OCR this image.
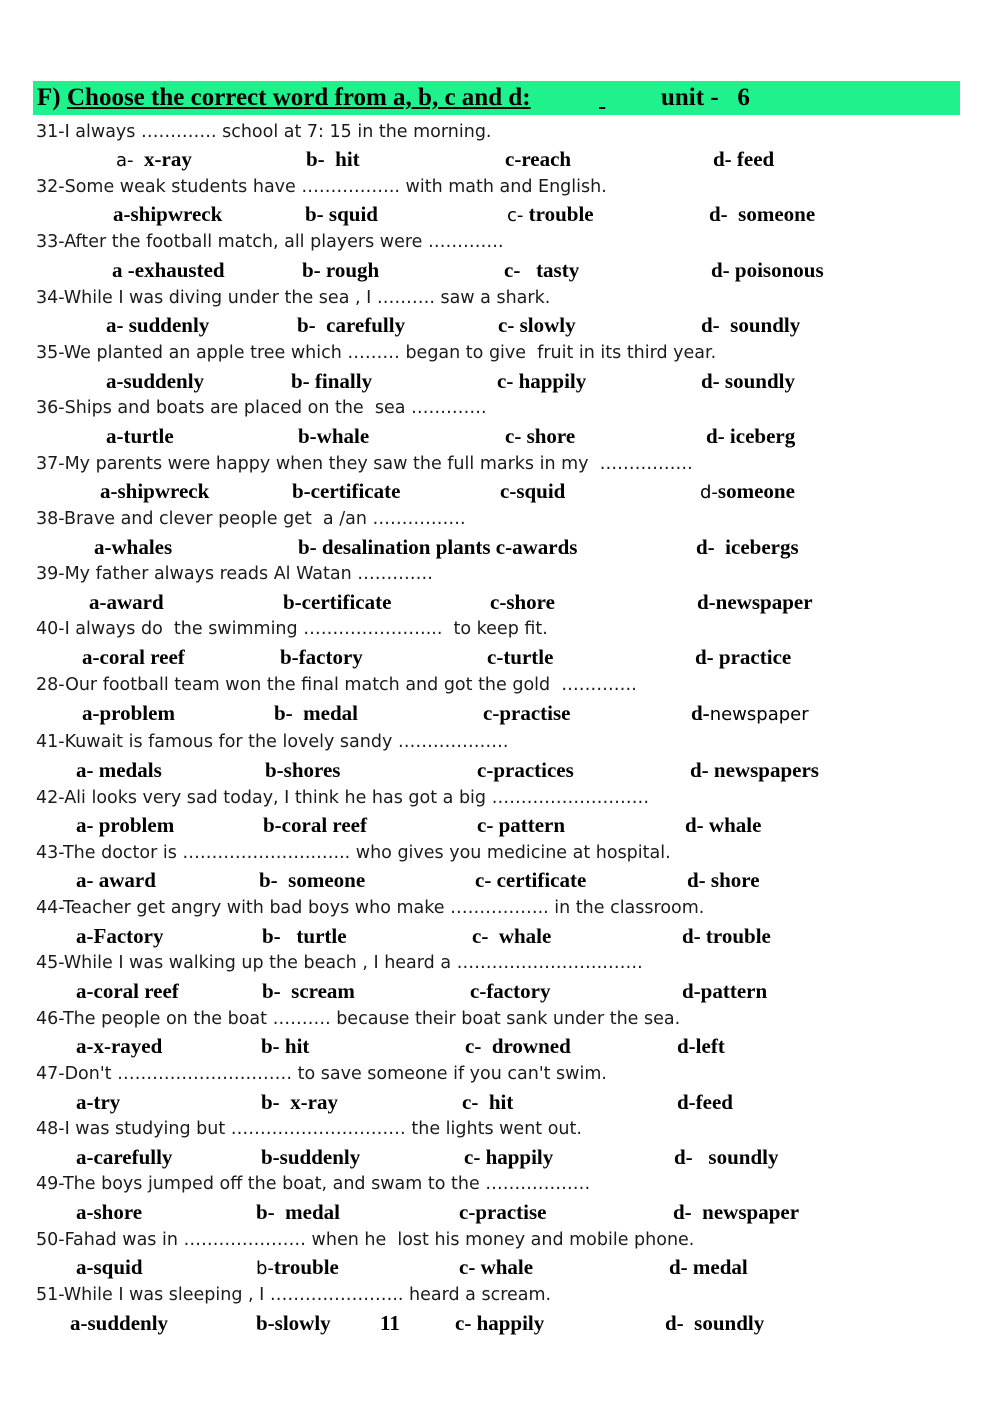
F) Choose the correct word from a, b, c and d:
	unit -   6
31-I always …………. school at 7: 15 in the morning.
a-  x-ray	b-  hit	c-reach	d- feed
32-Some weak students have …………….. with math and English.
a-shipwreck	b- squid	c- trouble	d-  someone
33-After the football match, all players were ………….
a -exhausted	b- rough	c-   tasty	d- poisonous
34-While I was diving under the sea , I ………. saw a shark.
a- suddenly	b-  carefully	c- slowly	d-  soundly
35-We planted an apple tree which ……… began to give  fruit in its third year.
a-suddenly	b- finally	c- happily	d- soundly
36-Ships and boats are placed on the  sea ………….
a-turtle	b-whale	c- shore	d- iceberg
37-My parents were happy when they saw the full marks in my  …………….
a-shipwreck	b-certificate	c-squid	d-someone
38-Brave and clever people get  a /an …………….
a-whales	b- desalination plants c-awards	d-  icebergs
39-My father always reads Al Watan ………….
a-award	b-certificate	c-shore	d-newspaper
40-I always do  the swimming …………………...  to keep fit.
a-coral reef	b-factory	c-turtle	d- practice
28-Our football team won the final match and got the gold  ………….
a-problem	b-  medal	c-practise	d-newspaper
41-Kuwait is famous for the lovely sandy ……………….
a- medals	b-shores	c-practices	d- newspapers
42-Ali looks very sad today, I think he has got a big ………………………
a- problem	b-coral reef	c- pattern	d- whale
43-The doctor is …………………..…... who gives you medicine at hospital.
a- award	b-  someone	c- certificate	d- shore
44-Teacher get angry with bad boys who make …………….. in the classroom.
a-Factory	b-   turtle	c-  whale	d- trouble
45-While I was walking up the beach , I heard a …………………….…….
a-coral reef	b-  scream	c-factory	d-pattern
46-The people on the boat ………. because their boat sank under the sea.
a-x-rayed	b- hit	c-  drowned	d-left
47-Don't ………………………… to save someone if you can't swim.
a-try	b-  x-ray	c-  hit	d-feed
48-I was studying but ………………………… the lights went out.
a-carefully	b-suddenly	c- happily	d-   soundly
49-The boys jumped off the boat, and swam to the ………………
a-shore	b-  medal	c-practise	d-  newspaper
50-Fahad was in ………………… when he  lost his money and mobile phone.
a-squid	b-trouble	c- whale	d- medal
51-While I was sleeping , I ………………….. heard a scream.
a-suddenly	b-slowly 11	c- happily	d-  soundly
